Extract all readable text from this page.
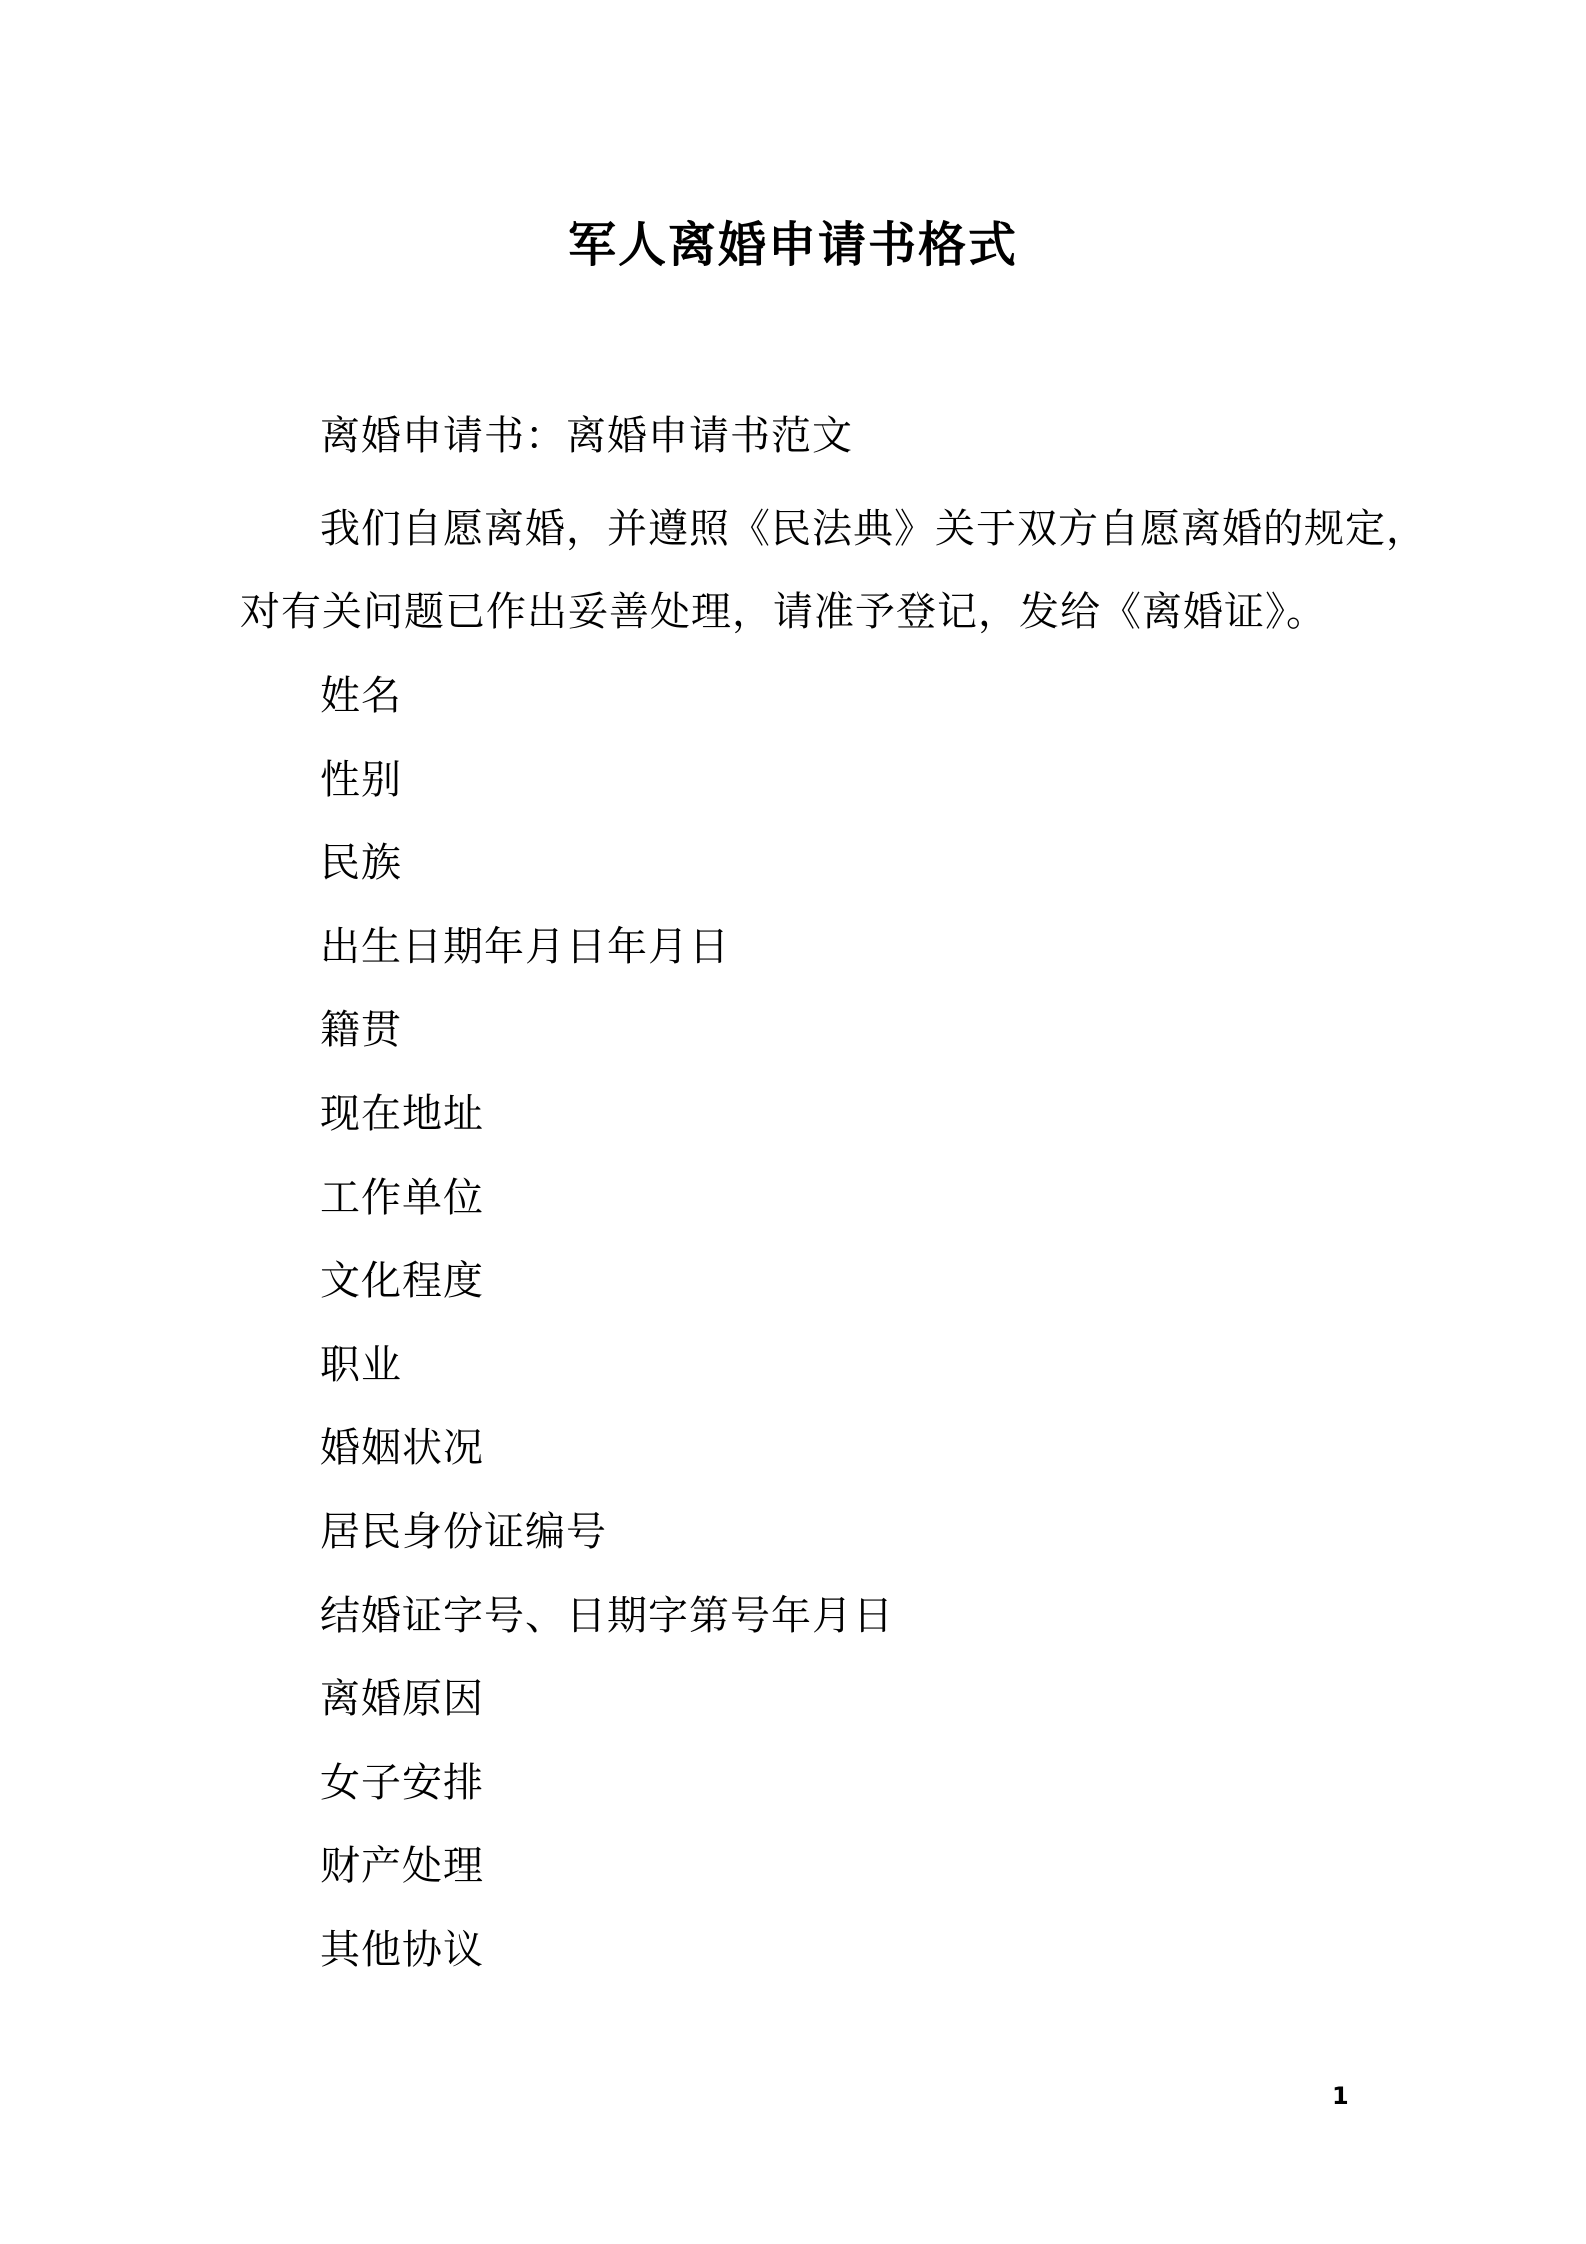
军人离婚申请书格式
离婚申请书：离婚申请书范文
我们自愿离婚，并遵照《民法典》关于双方自愿离婚的规定，
对有关问题已作出妥善处理，请准予登记，发给《离婚证》。
姓名
性别
民族
出生日期年月日年月日
籍贯
现在地址
工作单位
文化程度
职业
婚姻状况
居民身份证编号
结婚证字号、日期字第号年月日
离婚原因
女子安排
财产处理
其他协议
1
